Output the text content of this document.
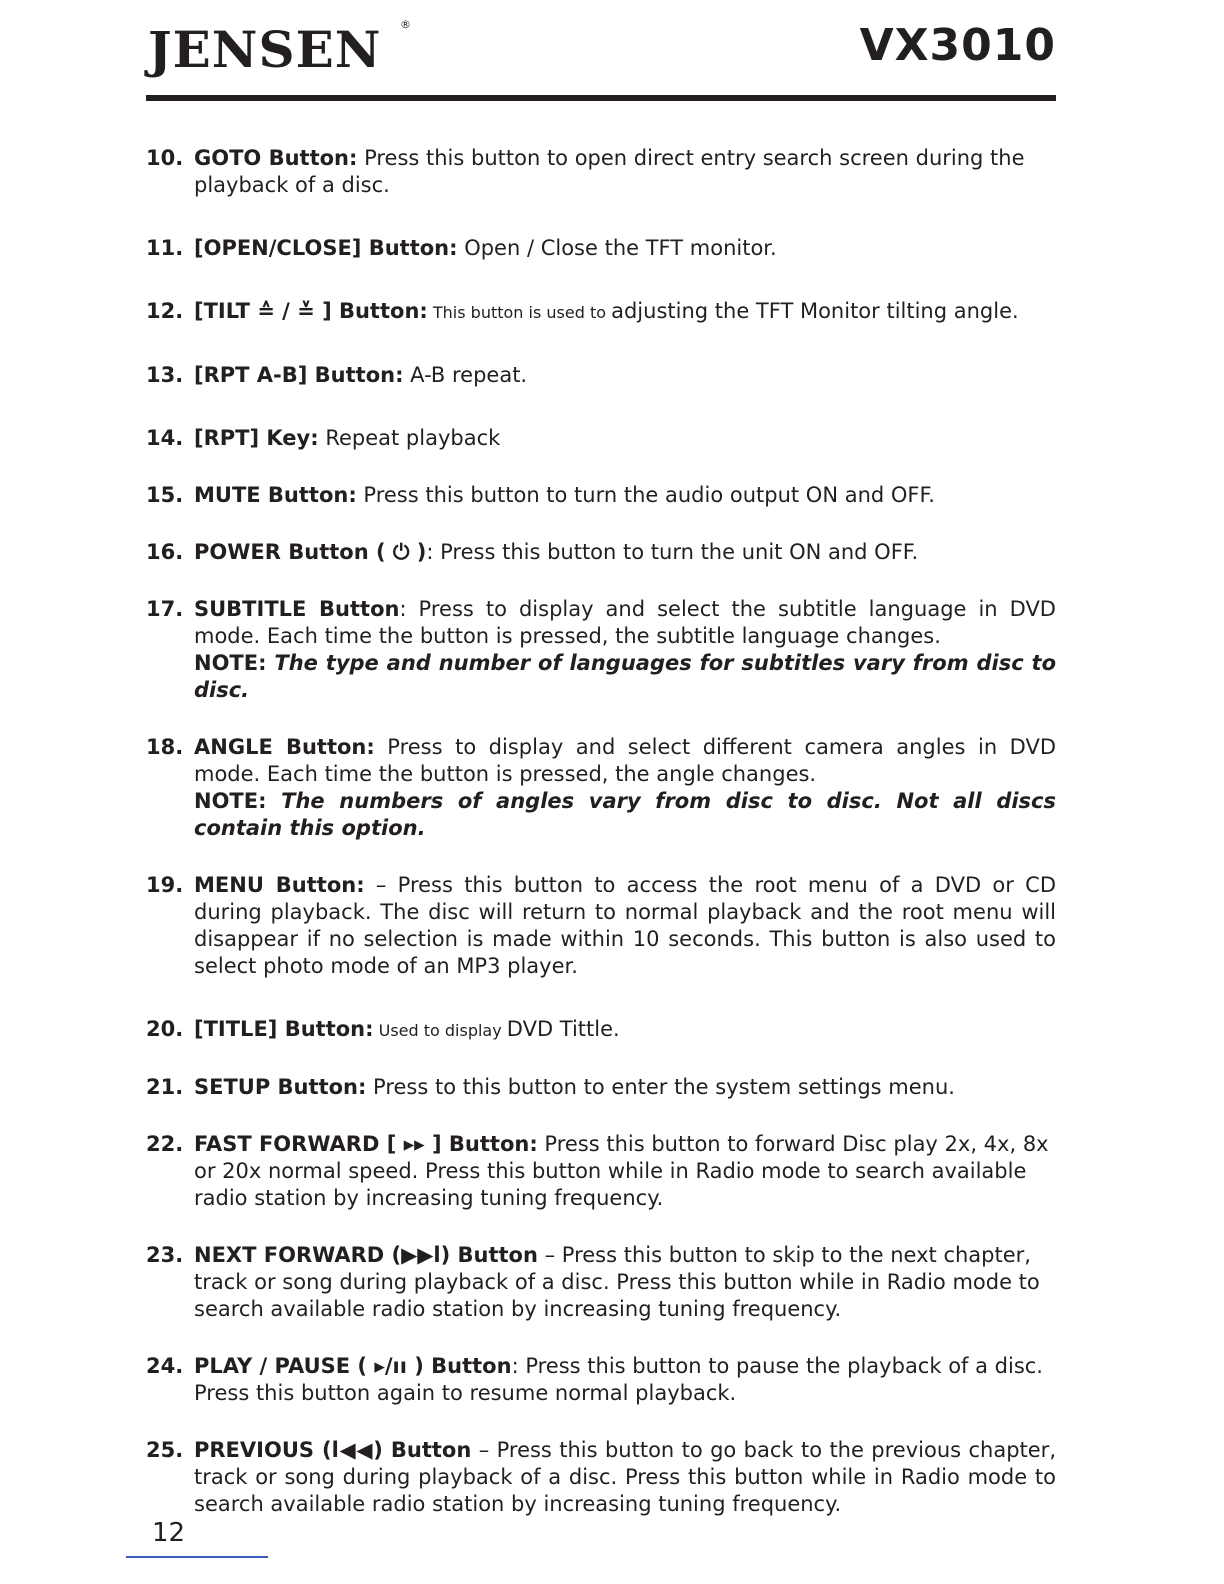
JENSEN ®	VX3010
10. GOTO Button: Press this button to open direct entry search screen during the playback of a disc.
11. [OPEN/CLOSE] Button: Open / Close the TFT monitor.
12. [TILT ≙ / ≚ ] Button: This button is used to adjusting the TFT Monitor tilting angle.
13. [RPT A-B] Button: A-B repeat.
14. [RPT] Key: Repeat playback
15. MUTE Button: Press this button to turn the audio output ON and OFF.
16. POWER Button ( ⏻ ): Press this button to turn the unit ON and OFF.
17. SUBTITLE Button: Press to display and select the subtitle language in DVD mode. Each time the button is pressed, the subtitle language changes.
NOTE: The type and number of languages for subtitles vary from disc to disc.
18. ANGLE Button: Press to display and select different camera angles in DVD mode. Each time the button is pressed, the angle changes.
NOTE: The numbers of angles vary from disc to disc. Not all discs contain this option.
19. MENU Button: – Press this button to access the root menu of a DVD or CD during playback. The disc will return to normal playback and the root menu will disappear if no selection is made within 10 seconds. This button is also used to select photo mode of an MP3 player.
20. [TITLE] Button: Used to display DVD Tittle.
21. SETUP Button: Press to this button to enter the system settings menu.
22. FAST FORWARD [ ▸▸ ] Button: Press this button to forward Disc play 2x, 4x, 8x or 20x normal speed. Press this button while in Radio mode to search available radio station by increasing tuning frequency.
23. NEXT FORWARD (▶▶l) Button – Press this button to skip to the next chapter, track or song during playback of a disc. Press this button while in Radio mode to search available radio station by increasing tuning frequency.
24. PLAY / PAUSE ( ▸/ıı ) Button: Press this button to pause the playback of a disc. Press this button again to resume normal playback.
25. PREVIOUS (l◀◀) Button – Press this button to go back to the previous chapter, track or song during playback of a disc. Press this button while in Radio mode to search available radio station by increasing tuning frequency.
12
